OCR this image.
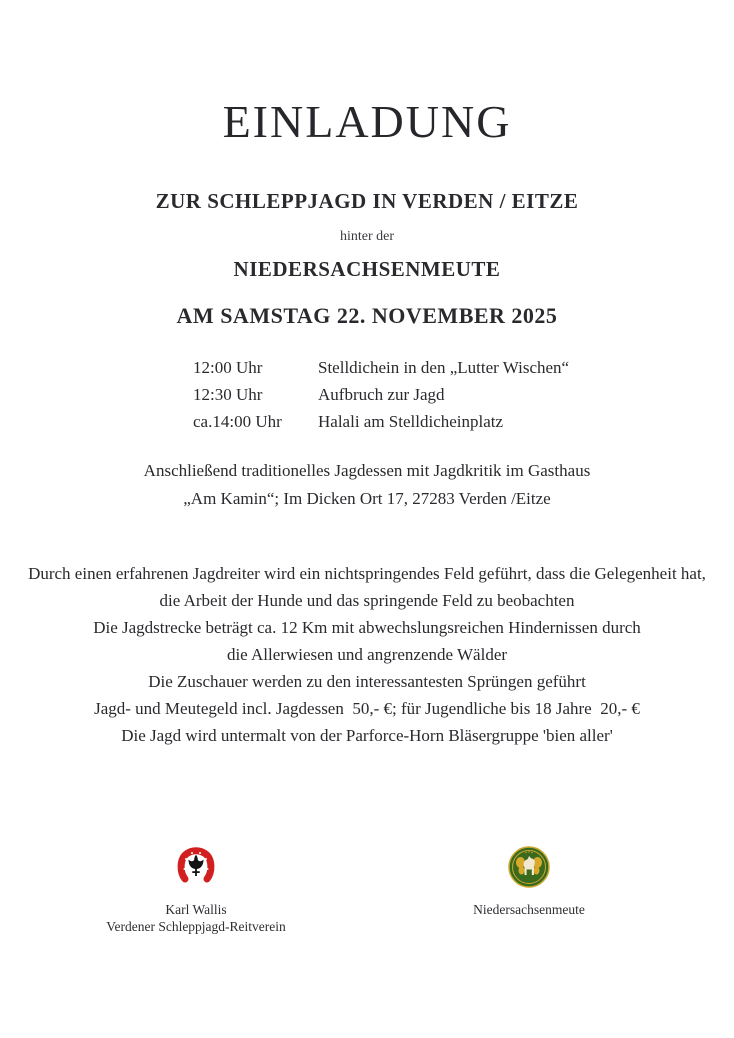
EINLADUNG
ZUR SCHLEPPJAGD IN VERDEN / EITZE
hinter der
NIEDERSACHSENMEUTE
AM SAMSTAG 22. NOVEMBER 2025
12:00 Uhr	Stelldichein in den „Lutter Wischen“
12:30 Uhr	Aufbruch zur Jagd
ca.14:00 Uhr	Halali am Stelldicheinplatz
Anschließend traditionelles Jagdessen mit Jagdkritik im Gasthaus
„Am Kamin“; Im Dicken Ort 17, 27283 Verden /Eitze
Durch einen erfahrenen Jagdreiter wird ein nichtspringendes Feld geführt, dass die Gelegenheit hat,
die Arbeit der Hunde und das springende Feld zu beobachten
Die Jagdstrecke beträgt ca. 12 Km mit abwechslungsreichen Hindernissen durch
die Allerwiesen und angrenzende Wälder
Die Zuschauer werden zu den interessantesten Sprüngen geführt
Jagd- und Meutegeld incl. Jagdessen  50,- €; für Jugendliche bis 18 Jahre  20,- €
Die Jagd wird untermalt von der Parforce-Horn Bläsergruppe 'bien aller'
Karl Wallis
Verdener Schleppjagd-Reitverein
Niedersachsenmeute
